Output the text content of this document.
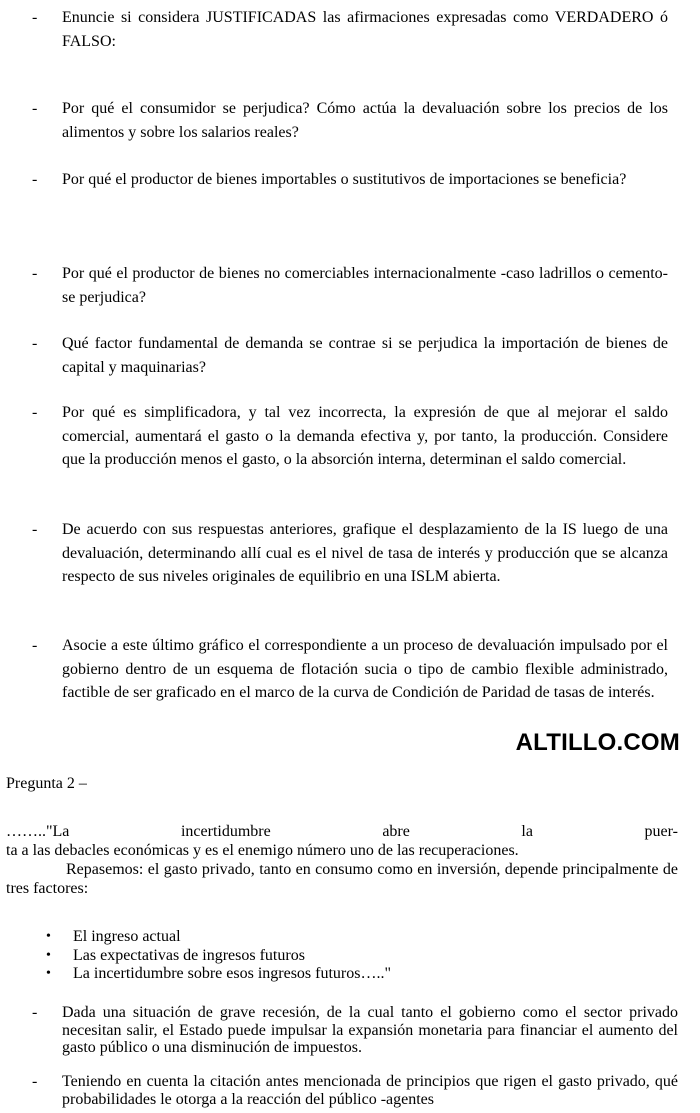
-	Enuncie si considera JUSTIFICADAS las afirmaciones expresadas como VERDADERO ó FALSO:
-	Por qué el consumidor se perjudica? Cómo actúa la devaluación sobre los precios de los alimentos y sobre los salarios reales?
-	Por qué el productor de bienes importables o sustitutivos de importaciones se beneficia?
-	Por qué el productor de bienes no comerciables internacionalmente -caso ladrillos o cemento- se perjudica?
-	Qué factor fundamental de demanda se contrae si se perjudica la importación de bienes de capital y maquinarias?
-	Por qué es simplificadora, y tal vez incorrecta, la expresión de que al mejorar el saldo comercial, aumentará el gasto o la demanda efectiva y, por tanto, la producción. Considere que la producción menos el gasto, o la absorción interna, determinan el saldo comercial.
-	De acuerdo con sus respuestas anteriores, grafique el desplazamiento de la IS luego de una devaluación, determinando allí cual es el nivel de tasa de interés y producción que se alcanza respecto de sus niveles originales de equilibrio en una ISLM abierta.
-	Asocie a este último gráfico el correspondiente a un proceso de devaluación impulsado por el gobierno dentro de un esquema de flotación sucia o tipo de cambio flexible administrado, factible de ser graficado en el marco de la curva de Condición de Paridad de tasas de interés.
ALTILLO.COM
Pregunta 2 –
…….."La	incertidumbre	abre	la	puer-

ta a las debacles económicas y es el enemigo número uno de las recuperaciones.

Repasemos: el gasto privado, tanto en consumo como en inversión, depende principalmente de tres factores:

• El ingreso actual
• Las expectativas de ingresos futuros
• La incertidumbre sobre esos ingresos futuros….."
- Dada una situación de grave recesión, de la cual tanto el gobierno como el sector privado necesitan salir, el Estado puede impulsar la expansión monetaria para financiar el aumento del gasto público o una disminución de impuestos.
- Teniendo en cuenta la citación antes mencionada de principios que rigen el gasto privado, qué probabilidades le otorga a la reacción del público -agentes
